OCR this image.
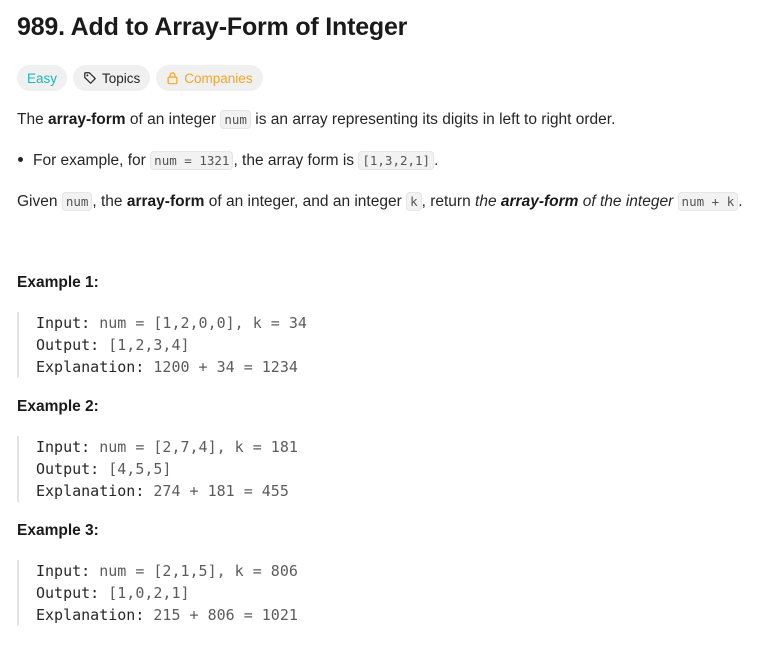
989. Add to Array-Form of Integer
Easy	Topics	Companies
The array-form of an integer num is an array representing its digits in left to right order.
For example, for num = 1321 , the array form is [1,3,2,1] .
Given num , the array-form of an integer, and an integer k , return the array-form of the integer num + k .
Example 1:
Input: num = [1,2,0,0], k = 34
Output: [1,2,3,4]
Explanation: 1200 + 34 = 1234
Example 2:
Input: num = [2,7,4], k = 181
Output: [4,5,5]
Explanation: 274 + 181 = 455
Example 3:
Input: num = [2,1,5], k = 806
Output: [1,0,2,1]
Explanation: 215 + 806 = 1021
